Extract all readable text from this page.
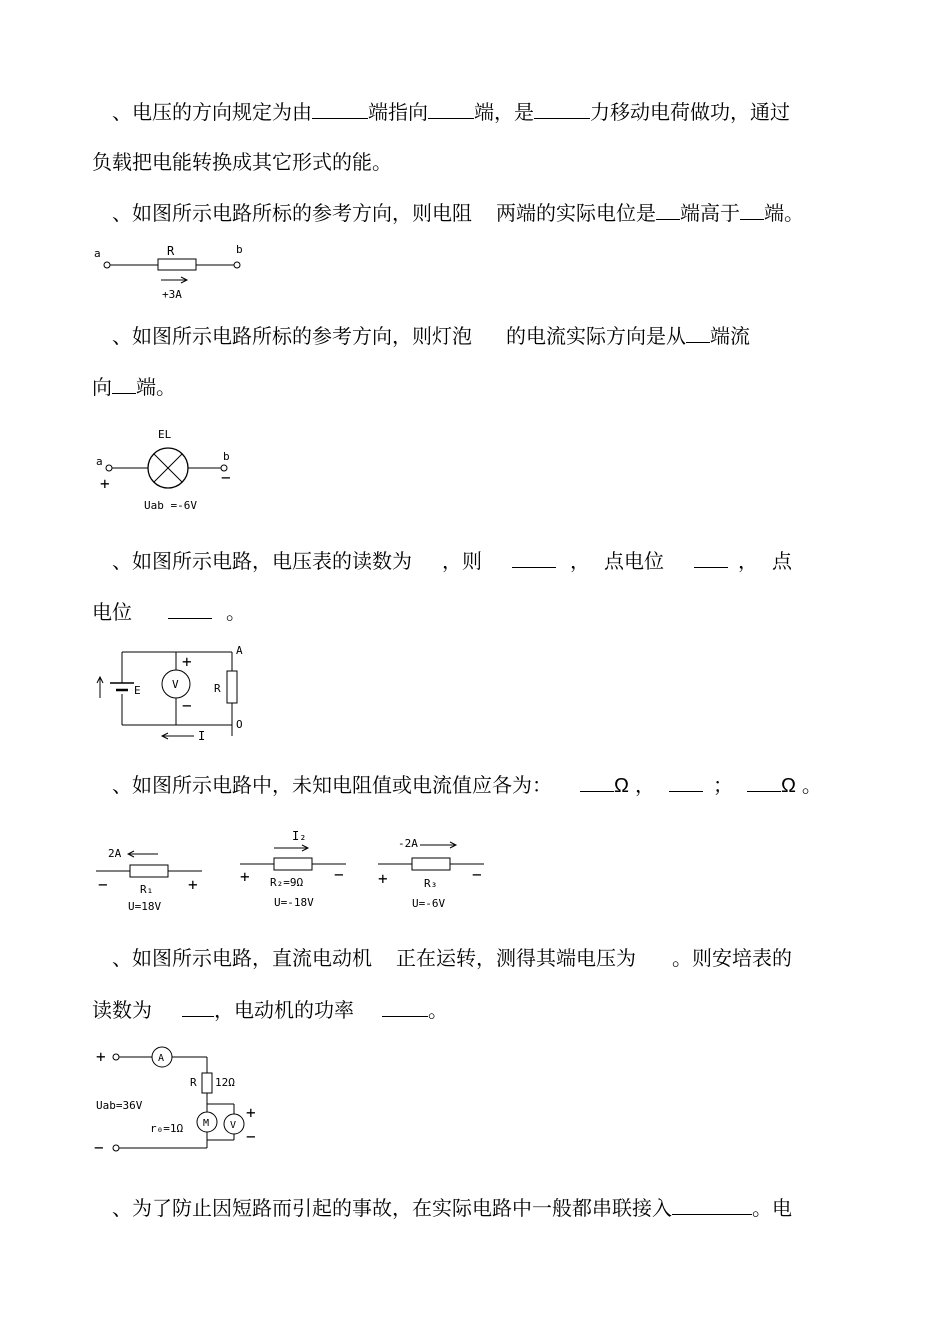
、电压的方向规定为由	端指向 端，是	力移动电荷做功，通过
负载把电能转换成其它形式的能。
、如图所示电路所标的参考方向，则电阻 两端的实际电位是 端高于 端。
a	R	b
+3A
、如图所示电路所标的参考方向，则灯泡 的电流实际方向是从 端流
向 端。
EL
a	b
+	−
Uab =-6V
、如图所示电路，电压表的读数为 ，则	， 点电位	， 点
电位	。
E	V
+
−
R
A
O
I
、如图所示电路中，未知电阻值或电流值应各为：	Ω ，	； Ω 。
2A
−	R₁ +
U=18V
I₂
+ R₂=9Ω −
U=-18V
-2A
+	R₃ −
U=-6V
、如图所示电路，直流电动机 正在运转，测得其端电压为 。则安培表的
读数为	，电动机的功率	。
+	A
R 12Ω
M V
+
−
Uab=36V
r₀=1Ω
−
、为了防止因短路而引起的事故，在实际电路中一般都串联接入	。电
